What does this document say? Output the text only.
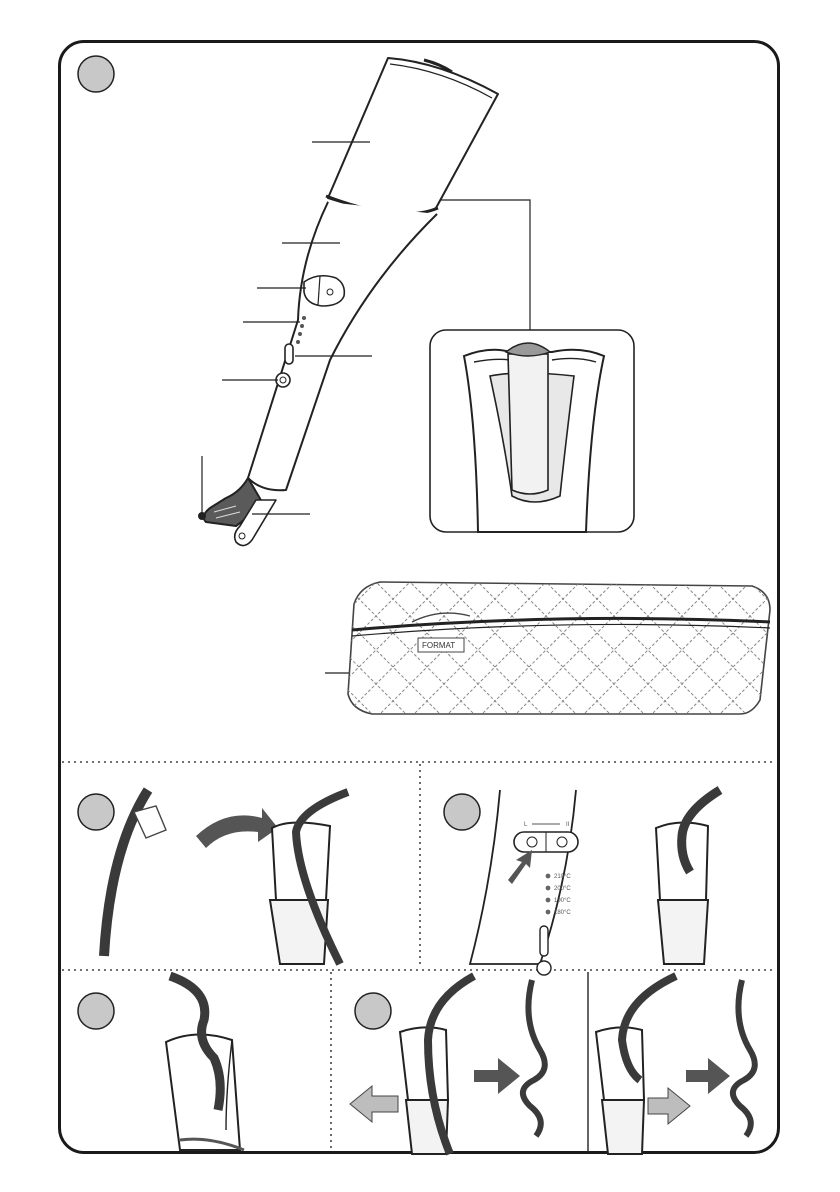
FORMAT
L	II
210°C
200°C
190°C
180°C
